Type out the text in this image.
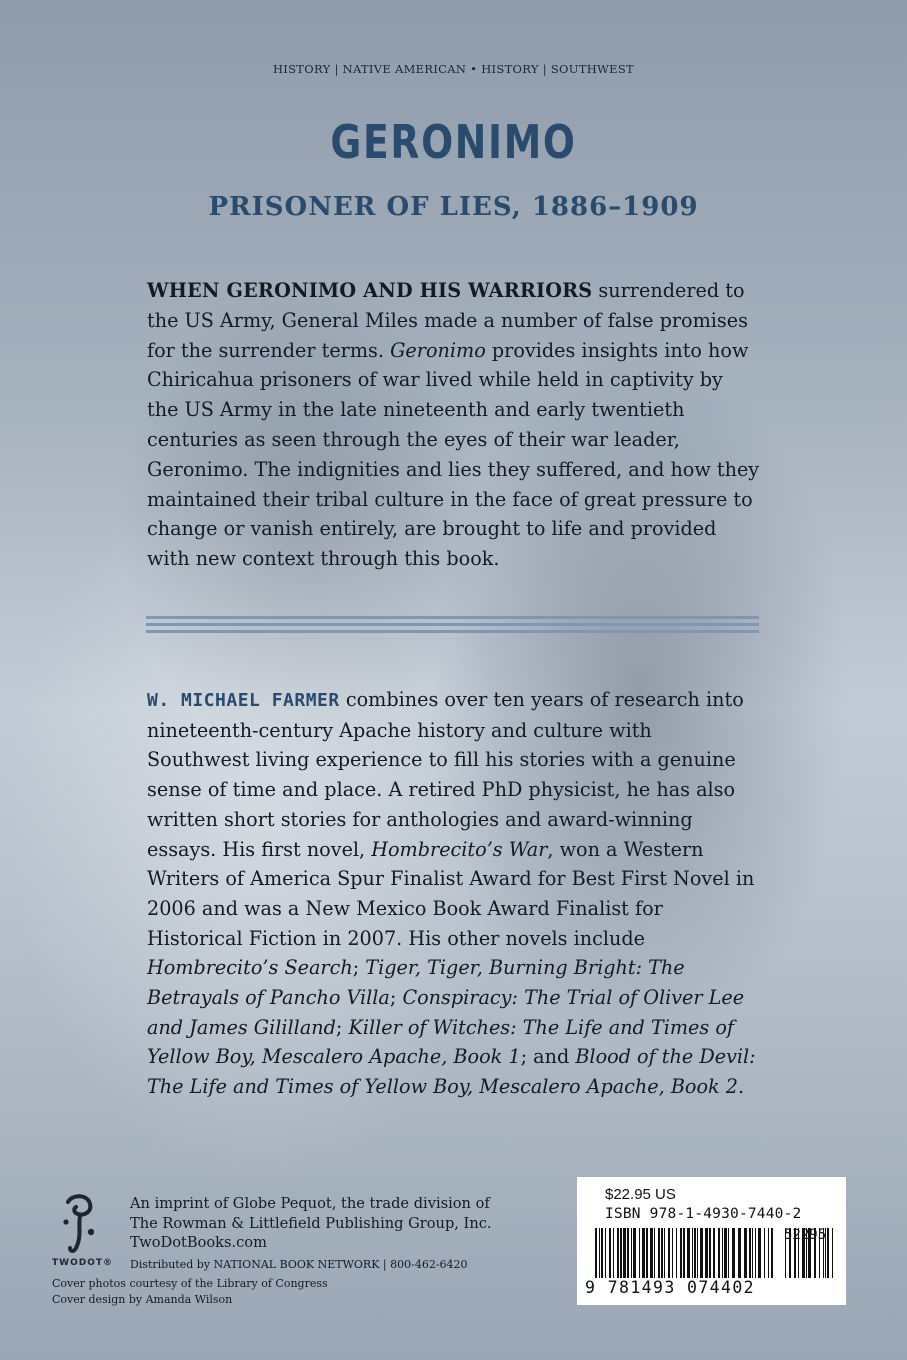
HISTORY | NATIVE AMERICAN • HISTORY | SOUTHWEST
GERONIMO
PRISONER OF LIES, 1886–1909

WHEN GERONIMO AND HIS WARRIORS surrendered to the US Army, General Miles made a number of false promises for the surrender terms. Geronimo provides insights into how Chiricahua prisoners of war lived while held in captivity by the US Army in the late nineteenth and early twentieth centuries as seen through the eyes of their war leader, Geronimo. The indignities and lies they suffered, and how they maintained their tribal culture in the face of great pressure to change or vanish entirely, are brought to life and provided with new context through this book.

W. MICHAEL FARMER combines over ten years of research into nineteenth-century Apache history and culture with Southwest living experience to fill his stories with a genuine sense of time and place. A retired PhD physicist, he has also written short stories for anthologies and award-winning essays. His first novel, Hombrecito’s War, won a Western Writers of America Spur Finalist Award for Best First Novel in 2006 and was a New Mexico Book Award Finalist for Historical Fiction in 2007. His other novels include Hombrecito’s Search; Tiger, Tiger, Burning Bright: The Betrayals of Pancho Villa; Conspiracy: The Trial of Oliver Lee and James Gililland; Killer of Witches: The Life and Times of Yellow Boy, Mescalero Apache, Book 1; and Blood of the Devil: The Life and Times of Yellow Boy, Mescalero Apache, Book 2.

TWODOT®
An imprint of Globe Pequot, the trade division of
The Rowman & Littlefield Publishing Group, Inc.
TwoDotBooks.com
Distributed by NATIONAL BOOK NETWORK | 800-462-6420
Cover photos courtesy of the Library of Congress
Cover design by Amanda Wilson
$22.95 US
ISBN 978-1-4930-7440-2
52295
9 781493 074402
